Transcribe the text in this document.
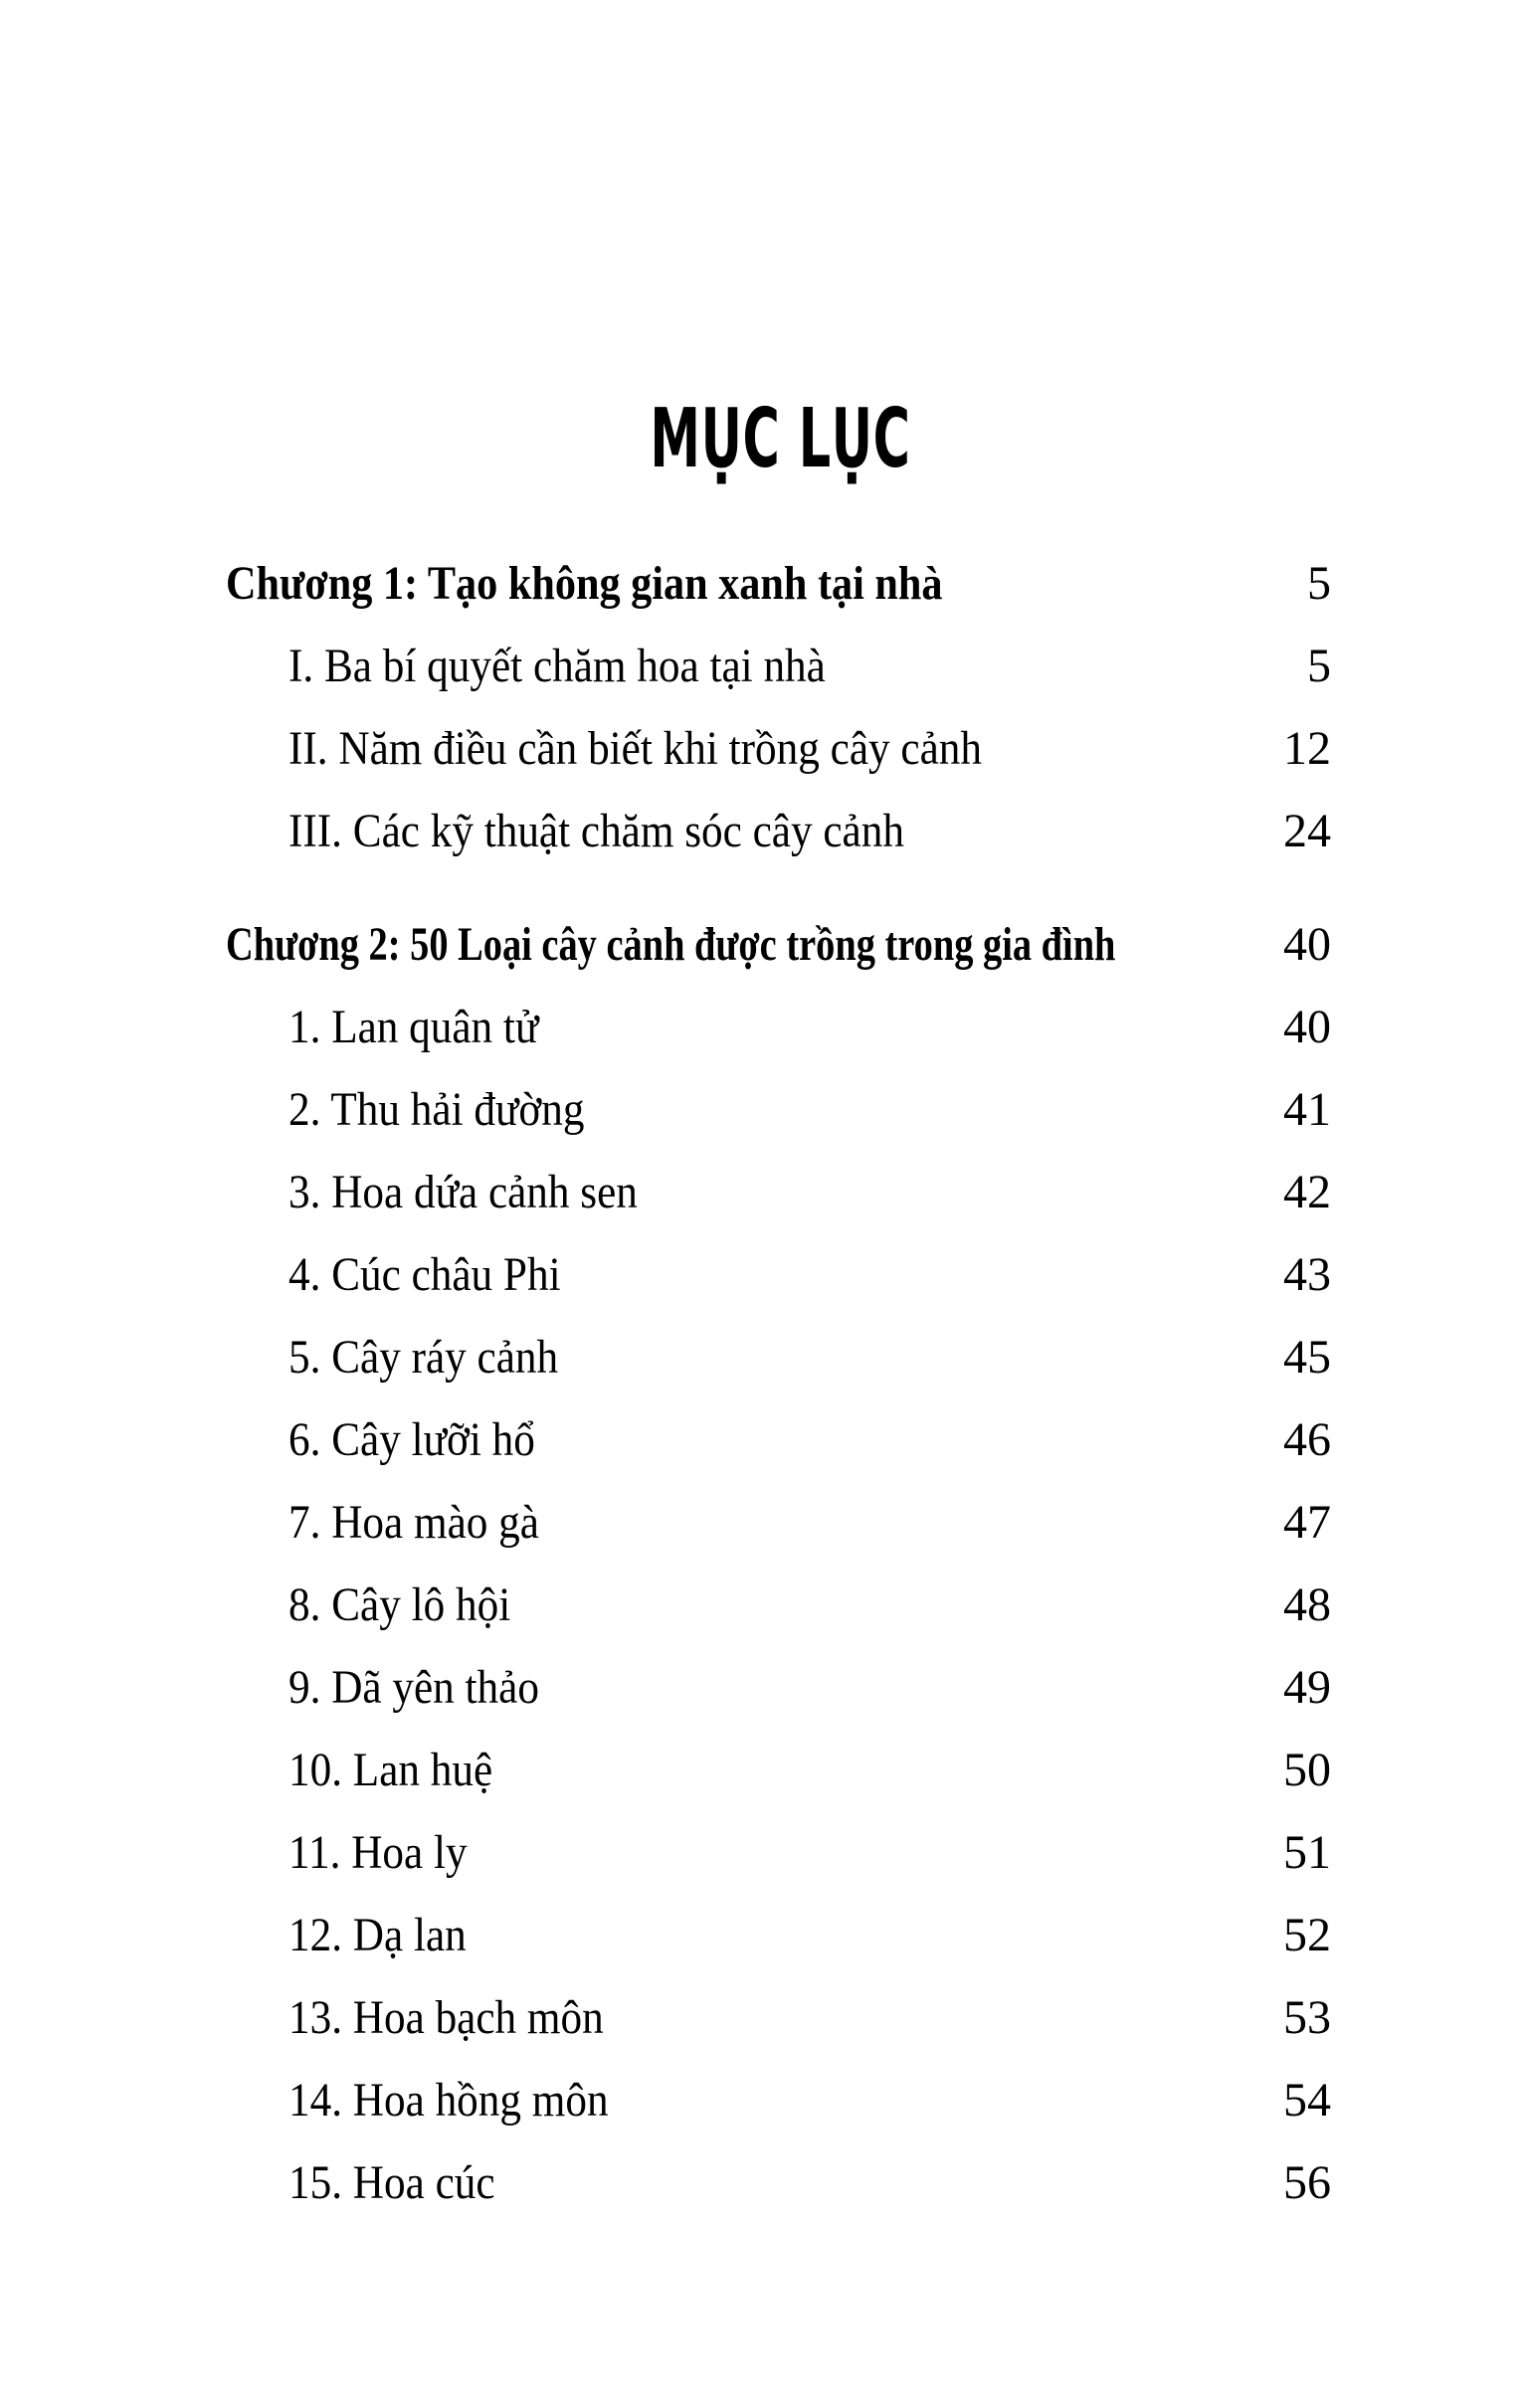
MỤC LỤC
Chương 1: Tạo không gian xanh tại nhà	5
I. Ba bí quyết chăm hoa tại nhà	5
II. Năm điều cần biết khi trồng cây cảnh	12
III. Các kỹ thuật chăm sóc cây cảnh	24
Chương 2: 50 Loại cây cảnh được trồng trong gia đình	40
1. Lan quân tử	40
2. Thu hải đường	41
3. Hoa dứa cảnh sen	42
4. Cúc châu Phi	43
5. Cây ráy cảnh	45
6. Cây lưỡi hổ	46
7. Hoa mào gà	47
8. Cây lô hội	48
9. Dã yên thảo	49
10. Lan huệ	50
11. Hoa ly	51
12. Dạ lan	52
13. Hoa bạch môn	53
14. Hoa hồng môn	54
15. Hoa cúc	56
